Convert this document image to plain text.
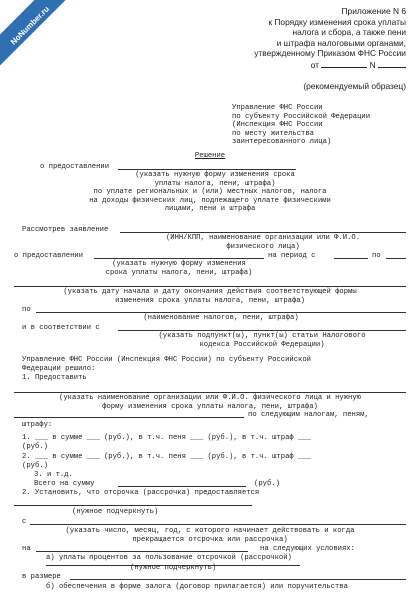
NoNumber.ru	Приложение N 6
к Порядку изменения срока уплаты
налога и сбора, а также пени
и штрафа налоговыми органами,
утвержденному Приказом ФНС России
от	N
(рекомендуемый образец)
Управление ФНС России
по субъекту Российской Федерации
(Инспекция ФНС России
по месту жительства
заинтересованного лица)
Решение
о предоставлении
(указать нужную форму изменения срока
уплаты налога, пени, штрафа)
по уплате региональных и (или) местных налогов, налога
на доходы физических лиц, подлежащего уплате физическими
лицами, пени и штрафа
Рассмотрев заявление
(ИНН/КПП, наименование организации или Ф.И.О.
физического лица)
о предоставлении	на период с	по
(указать нужную форму изменения
срока уплаты налога, пени, штрафа)
(указать дату начала и дату окончания действия соответствующей формы
изменения срока уплаты налога, пени, штрафа)
по
(наименование налогов, пени, штрафа)
и в соответствии с
(указать подпункт(ы), пункт(ы) статьи Налогового
кодекса Российской Федерации)
Управление ФНС России (Инспекция ФНС России) по субъекту Российской
Федерации решило:
1. Предоставить
(указать наименование организации или Ф.И.О. физического лица и нужную
форму изменения срока уплаты налога, пени, штрафа)
по следующим налогам, пеням,
штрафу:
1. ___ в сумме ___ (руб.), в т.ч. пеня ___ (руб.), в т.ч. штраф ___
(руб.)
2. ___ в сумме ___ (руб.), в т.ч. пеня ___ (руб.), в т.ч. штраф ___
(руб.)
3. и т.д.
Всего на сумму	(руб.)
2. Установить, что отсрочка (рассрочка) предоставляется
(нужное подчеркнуть)
с
(указать число, месяц, год, с которого начинает действовать и когда
прекращается отсрочка или рассрочка)
на	на следующих условиях:
а) уплаты процентов за пользование отсрочкой (рассрочкой)
(нужное подчеркнуть)
в размере
б) обеспечения в форме залога (договор прилагается) или поручительства
